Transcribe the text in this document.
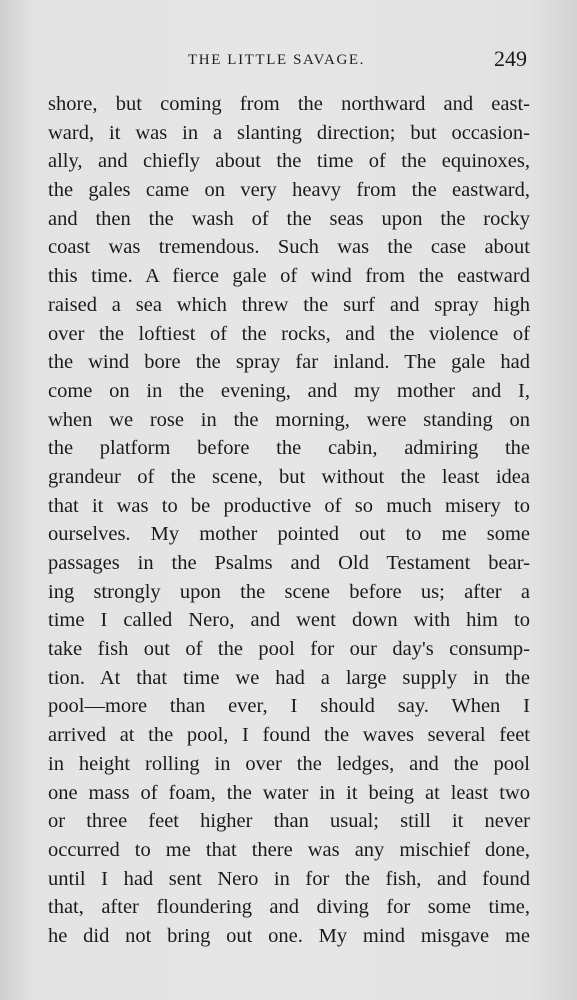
THE LITTLE SAVAGE.	249
shore, but coming from the northward and east-
ward, it was in a slanting direction; but occasion-
ally, and chiefly about the time of the equinoxes,
the gales came on very heavy from the eastward,
and then the wash of the seas upon the rocky
coast was tremendous. Such was the case about
this time. A fierce gale of wind from the eastward
raised a sea which threw the surf and spray high
over the loftiest of the rocks, and the violence of
the wind bore the spray far inland. The gale had
come on in the evening, and my mother and I,
when we rose in the morning, were standing on
the platform before the cabin, admiring the
grandeur of the scene, but without the least idea
that it was to be productive of so much misery to
ourselves. My mother pointed out to me some
passages in the Psalms and Old Testament bear-
ing strongly upon the scene before us; after a
time I called Nero, and went down with him to
take fish out of the pool for our day's consump-
tion. At that time we had a large supply in the
pool—more than ever, I should say. When I
arrived at the pool, I found the waves several feet
in height rolling in over the ledges, and the pool
one mass of foam, the water in it being at least two
or three feet higher than usual; still it never
occurred to me that there was any mischief done,
until I had sent Nero in for the fish, and found
that, after floundering and diving for some time,
he did not bring out one. My mind misgave me
